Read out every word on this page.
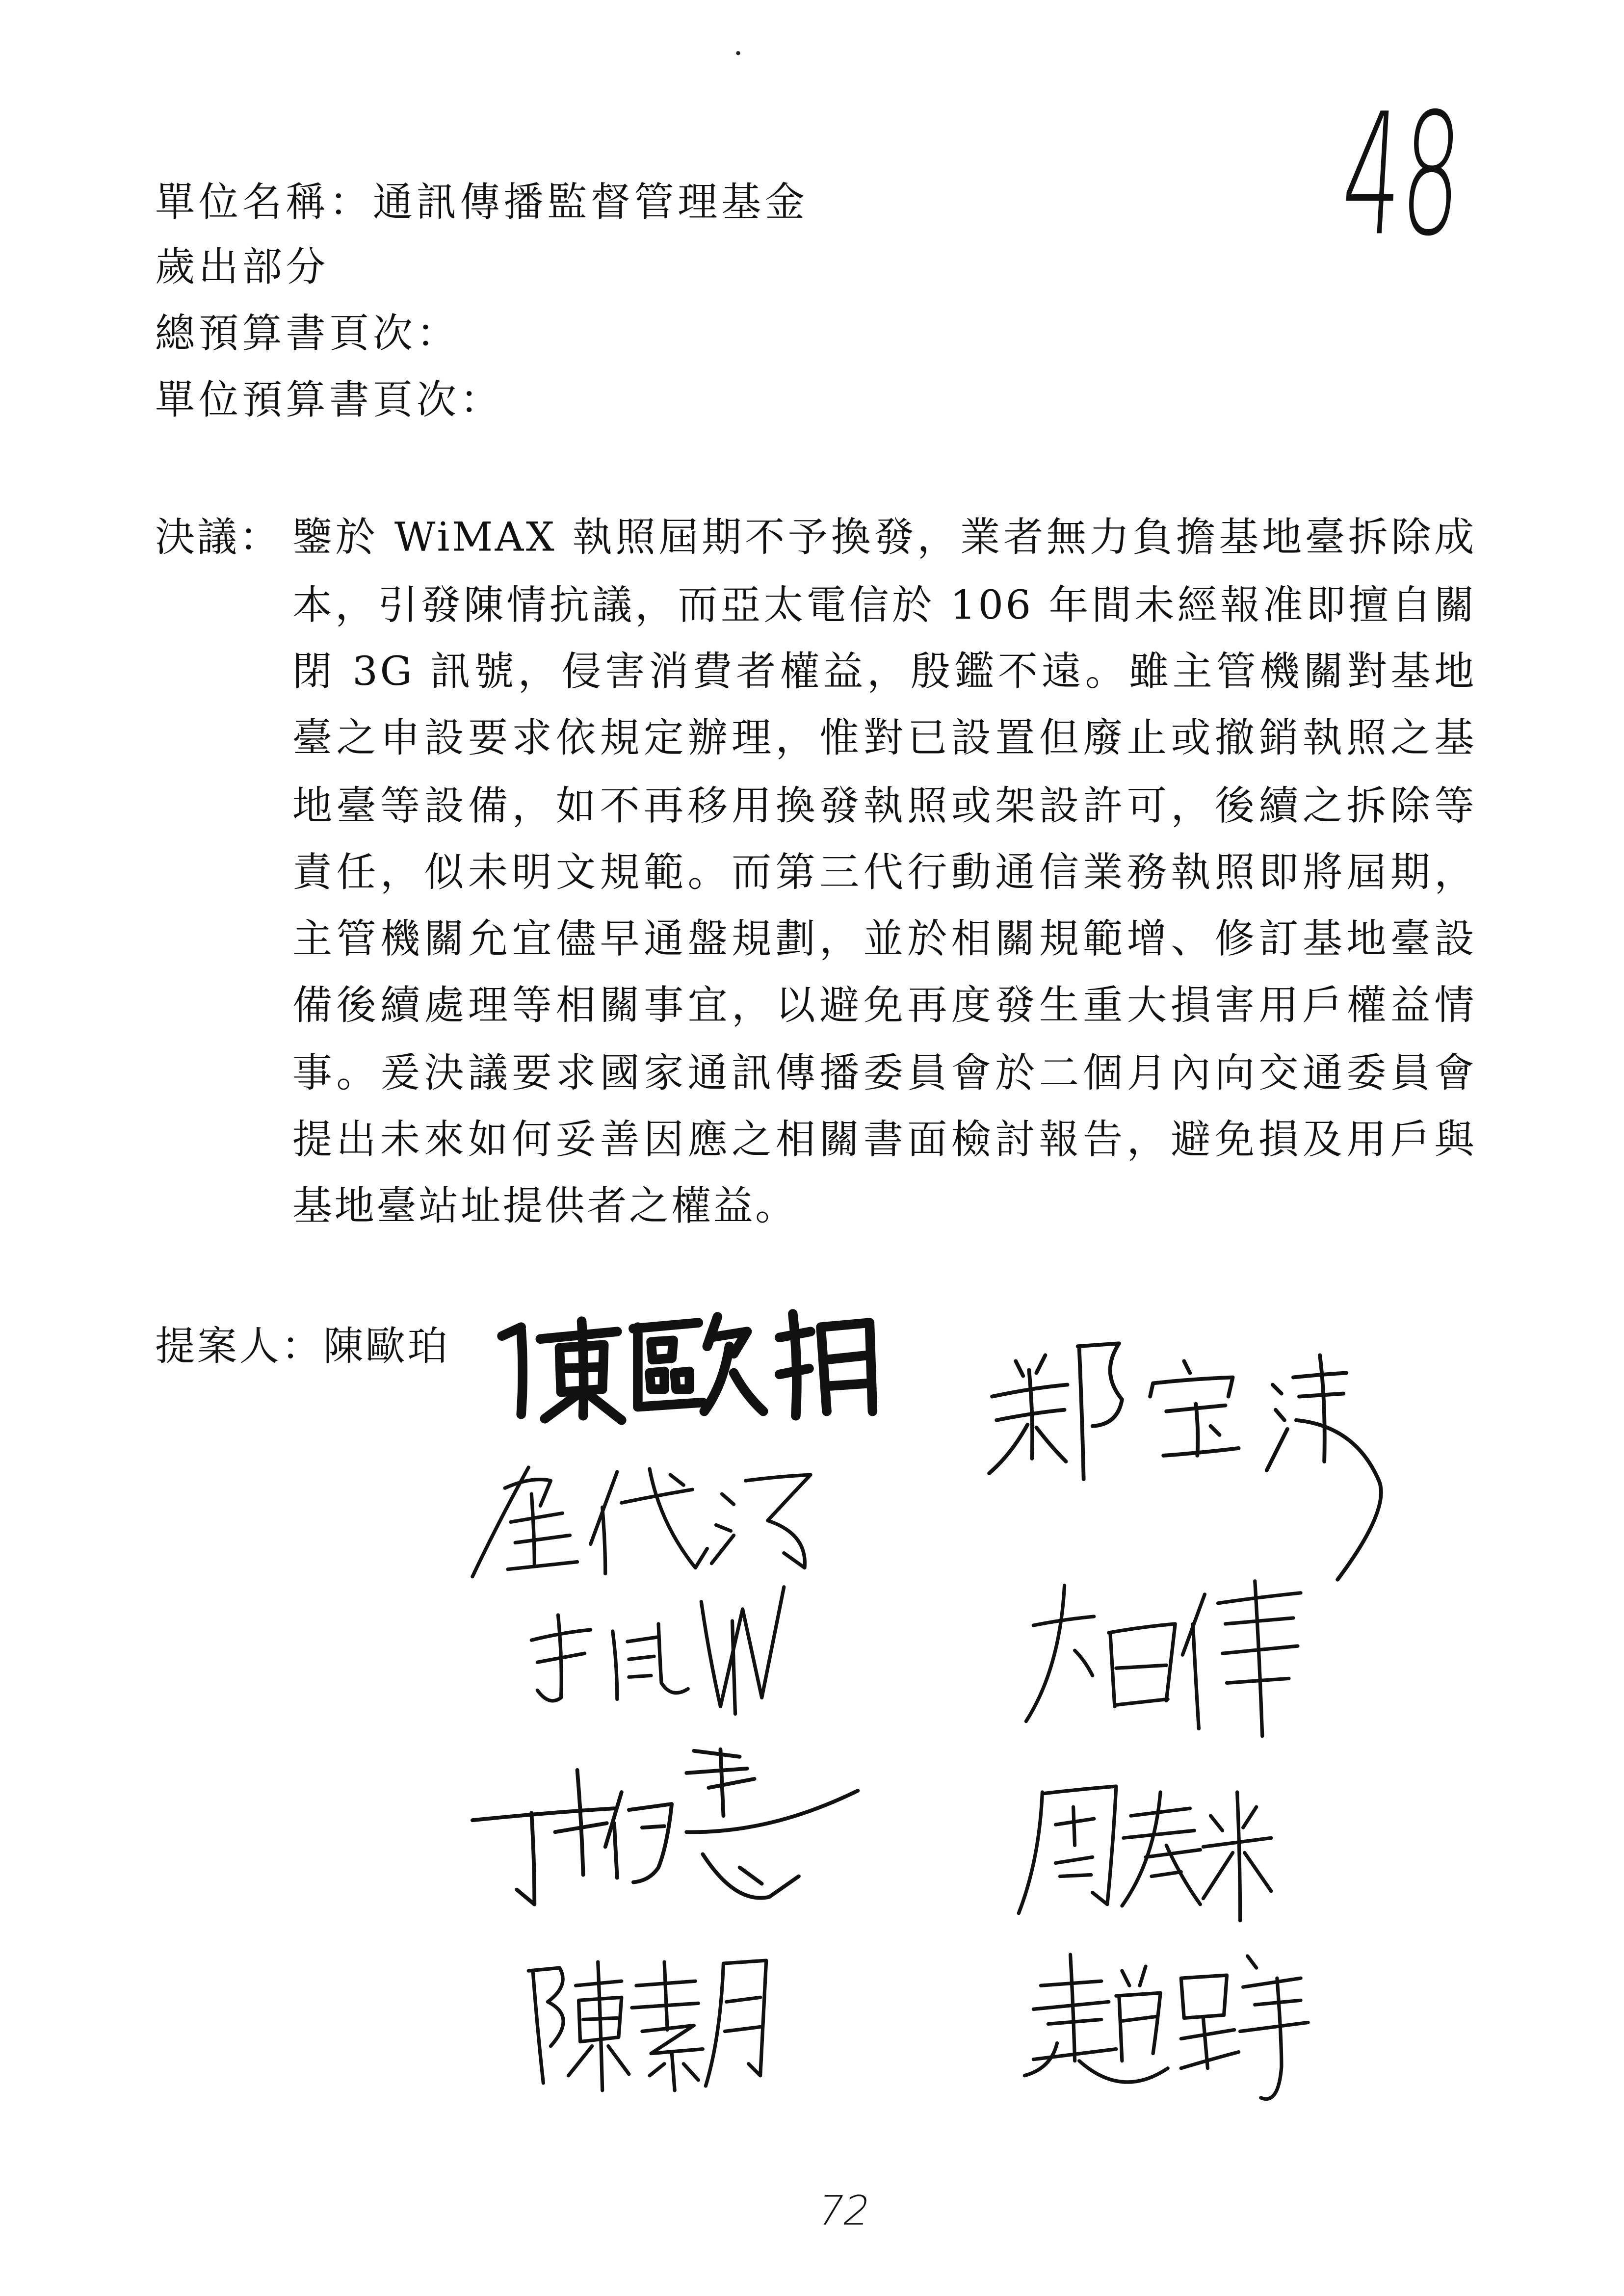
48
單位名稱：通訊傳播監督管理基金
歲出部分
總預算書頁次：
單位預算書頁次：
決議： 鑒於 WiMAX 執照屆期不予換發，業者無力負擔基地臺拆除成
本，引發陳情抗議，而亞太電信於 106 年間未經報准即擅自關
閉 3G 訊號，侵害消費者權益，殷鑑不遠。雖主管機關對基地
臺之申設要求依規定辦理，惟對已設置但廢止或撤銷執照之基
地臺等設備，如不再移用換發執照或架設許可，後續之拆除等
責任，似未明文規範。而第三代行動通信業務執照即將屆期，
主管機關允宜儘早通盤規劃，並於相關規範增、修訂基地臺設
備後續處理等相關事宜，以避免再度發生重大損害用戶權益情
事。爰決議要求國家通訊傳播委員會於二個月內向交通委員會
提出未來如何妥善因應之相關書面檢討報告，避免損及用戶與
基地臺站址提供者之權益。
提案人：陳歐珀
72
